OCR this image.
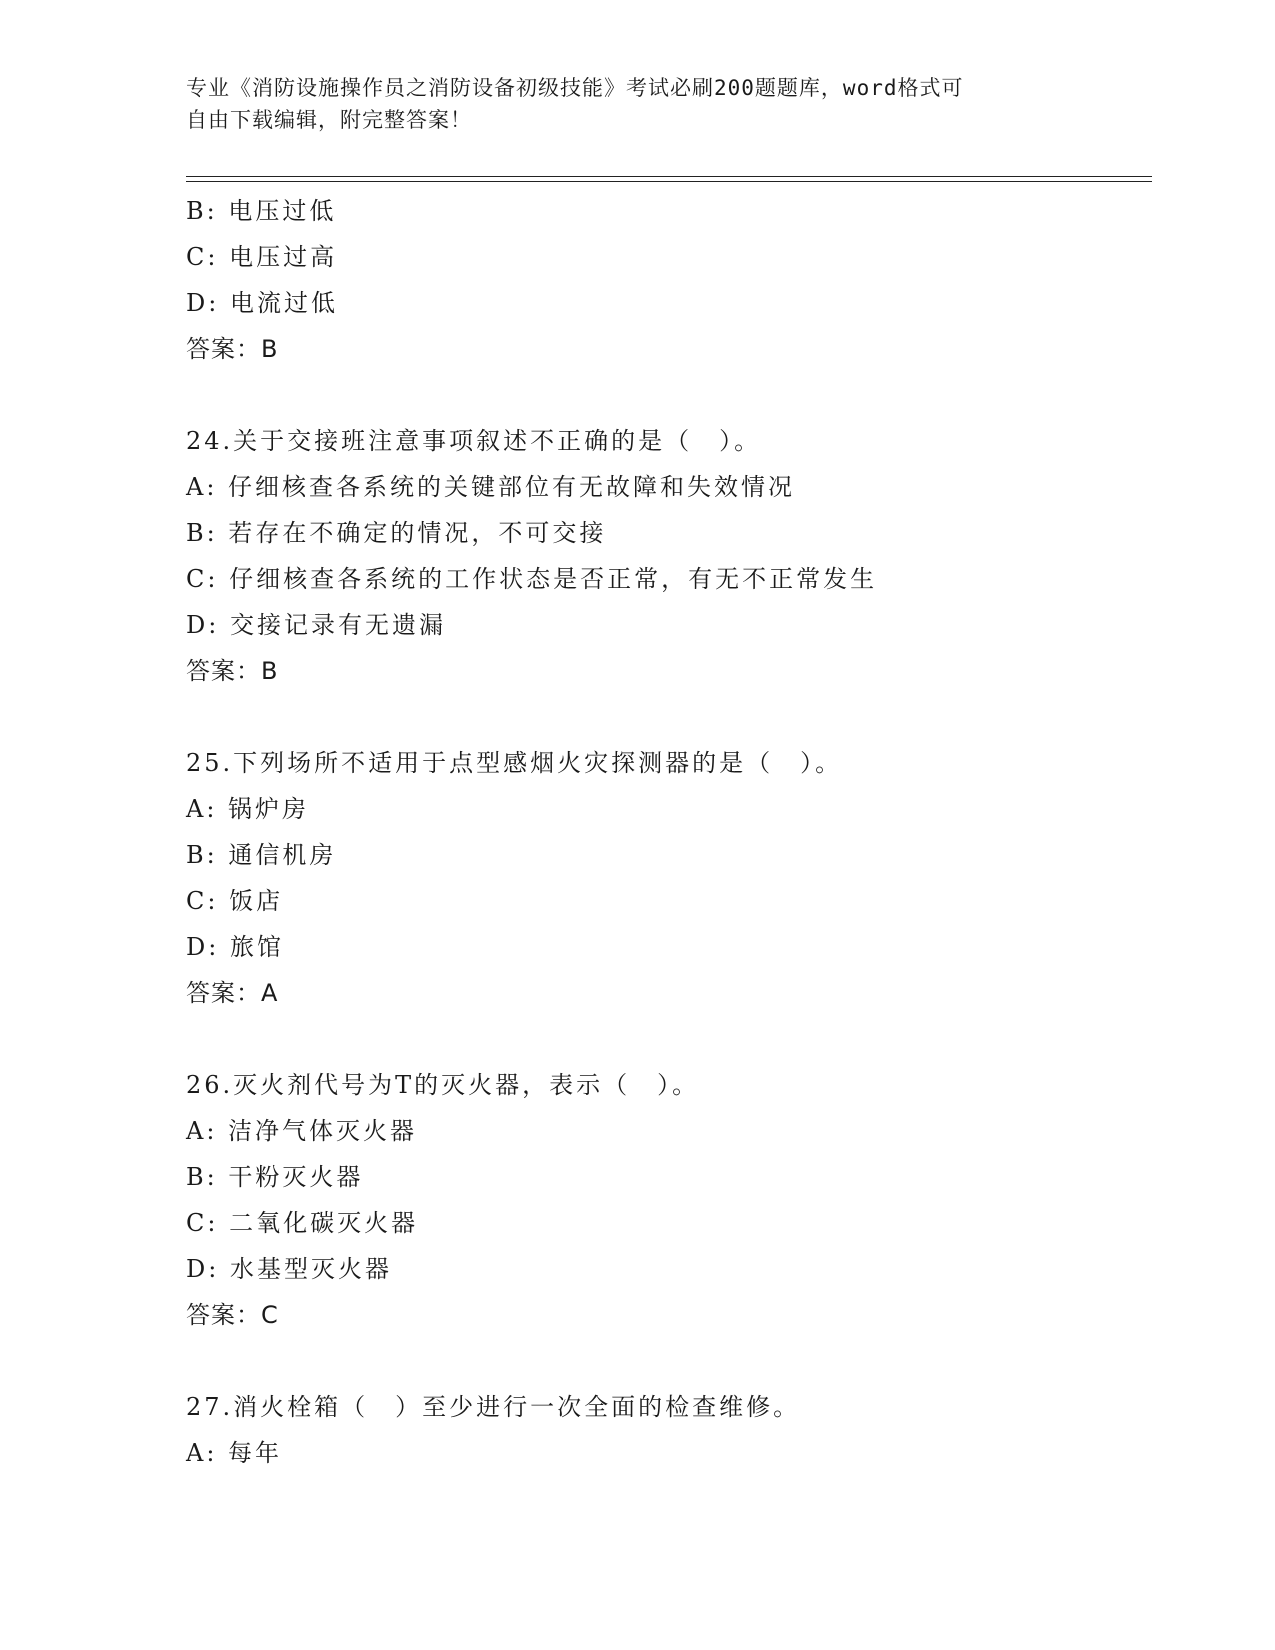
专业《消防设施操作员之消防设备初级技能》考试必刷200题题库，word格式可
自由下载编辑，附完整答案！
B: 电压过低
C: 电压过高
D: 电流过低
答案：B
24.关于交接班注意事项叙述不正确的是（　）。
A: 仔细核查各系统的关键部位有无故障和失效情况
B: 若存在不确定的情况，不可交接
C: 仔细核查各系统的工作状态是否正常，有无不正常发生
D: 交接记录有无遗漏
答案：B
25.下列场所不适用于点型感烟火灾探测器的是（　）。
A: 锅炉房
B: 通信机房
C: 饭店
D: 旅馆
答案：A
26.灭火剂代号为T的灭火器，表示（　）。
A: 洁净气体灭火器
B: 干粉灭火器
C: 二氧化碳灭火器
D: 水基型灭火器
答案：C
27.消火栓箱（　）至少进行一次全面的检查维修。
A: 每年
